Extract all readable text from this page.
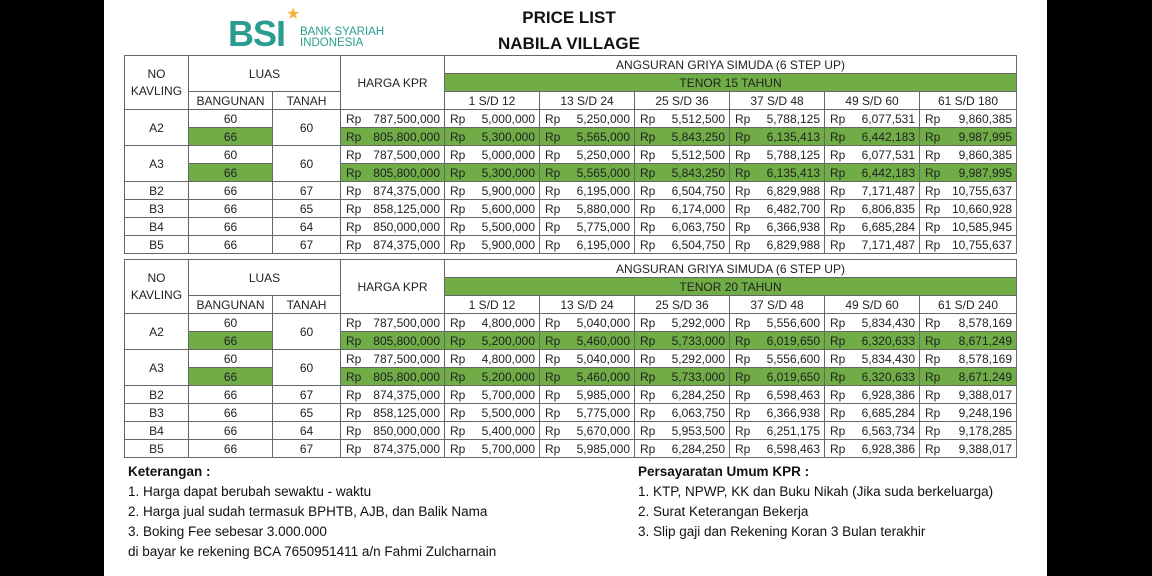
BSI ★
BANK SYARIAH
INDONESIA
PRICE LIST
NABILA VILLAGE
NO KAVLING	LUAS		HARGA KPR	ANGSURAN GRIYA SIMUDA (6 STEP UP)					
				TENOR 15 TAHUN					
	BANGUNAN	TANAH		1 S/D 12	13 S/D 24	25 S/D 36	37 S/D 48	49 S/D 60	61 S/D 180
A2	60	60	Rp 787,500,000	Rp 5,000,000	Rp 5,250,000	Rp 5,512,500	Rp 5,788,125	Rp 6,077,531	Rp 9,860,385

	66		Rp 805,800,000	Rp 5,300,000	Rp 5,565,000	Rp 5,843,250	Rp 6,135,413	Rp 6,442,183	Rp 9,987,995

A3	60	60	Rp 787,500,000	Rp 5,000,000	Rp 5,250,000	Rp 5,512,500	Rp 5,788,125	Rp 6,077,531	Rp 9,860,385

	66		Rp 805,800,000	Rp 5,300,000	Rp 5,565,000	Rp 5,843,250	Rp 6,135,413	Rp 6,442,183	Rp 9,987,995

B2	66	67	Rp 874,375,000	Rp 5,900,000	Rp 6,195,000	Rp 6,504,750	Rp 6,829,988	Rp 7,171,487	Rp 10,755,637

B3	66	65	Rp 858,125,000	Rp 5,600,000	Rp 5,880,000	Rp 6,174,000	Rp 6,482,700	Rp 6,806,835	Rp 10,660,928

B4	66	64	Rp 850,000,000	Rp 5,500,000	Rp 5,775,000	Rp 6,063,750	Rp 6,366,938	Rp 6,685,284	Rp 10,585,945

B5	66	67	Rp 874,375,000	Rp 5,900,000	Rp 6,195,000	Rp 6,504,750	Rp 6,829,988	Rp 7,171,487	Rp 10,755,637
NO KAVLING	LUAS		HARGA KPR	ANGSURAN GRIYA SIMUDA (6 STEP UP)					
				TENOR 20 TAHUN					
	BANGUNAN	TANAH		1 S/D 12	13 S/D 24	25 S/D 36	37 S/D 48	49 S/D 60	61 S/D 240
A2	60	60	Rp 787,500,000	Rp 4,800,000	Rp 5,040,000	Rp 5,292,000	Rp 5,556,600	Rp 5,834,430	Rp 8,578,169

	66		Rp 805,800,000	Rp 5,200,000	Rp 5,460,000	Rp 5,733,000	Rp 6,019,650	Rp 6,320,633	Rp 8,671,249

A3	60	60	Rp 787,500,000	Rp 4,800,000	Rp 5,040,000	Rp 5,292,000	Rp 5,556,600	Rp 5,834,430	Rp 8,578,169

	66		Rp 805,800,000	Rp 5,200,000	Rp 5,460,000	Rp 5,733,000	Rp 6,019,650	Rp 6,320,633	Rp 8,671,249

B2	66	67	Rp 874,375,000	Rp 5,700,000	Rp 5,985,000	Rp 6,284,250	Rp 6,598,463	Rp 6,928,386	Rp 9,388,017

B3	66	65	Rp 858,125,000	Rp 5,500,000	Rp 5,775,000	Rp 6,063,750	Rp 6,366,938	Rp 6,685,284	Rp 9,248,196

B4	66	64	Rp 850,000,000	Rp 5,400,000	Rp 5,670,000	Rp 5,953,500	Rp 6,251,175	Rp 6,563,734	Rp 9,178,285

B5	66	67	Rp 874,375,000	Rp 5,700,000	Rp 5,985,000	Rp 6,284,250	Rp 6,598,463	Rp 6,928,386	Rp 9,388,017
Keterangan :
1. Harga dapat berubah sewaktu - waktu
2. Harga jual sudah termasuk BPHTB, AJB, dan Balik Nama
3. Boking Fee sebesar 3.000.000
di bayar ke rekening BCA 7650951411 a/n Fahmi Zulcharnain
Persayaratan Umum KPR :
1. KTP, NPWP, KK dan Buku Nikah (Jika suda berkeluarga)
2. Surat Keterangan Bekerja
3. Slip gaji dan Rekening Koran 3 Bulan terakhir
